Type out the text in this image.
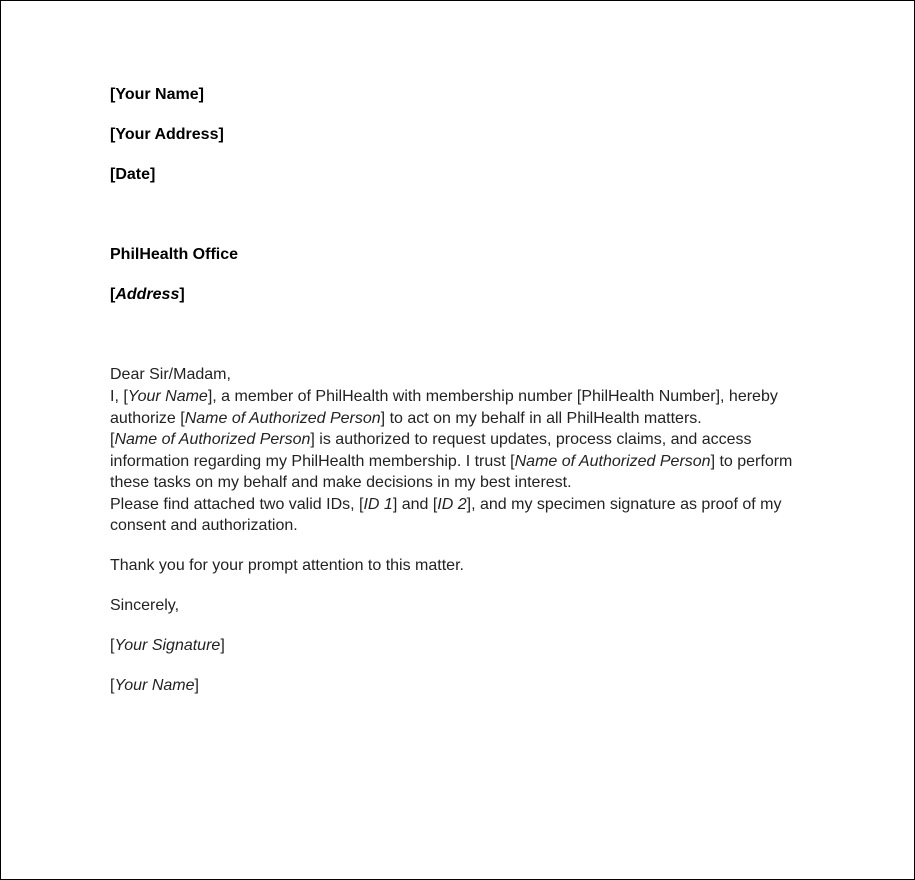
[Your Name]

[Your Address]

[Date]

PhilHealth Office

[Address]

Dear Sir/Madam,

I, [Your Name], a member of PhilHealth with membership number [PhilHealth Number], hereby authorize [Name of Authorized Person] to act on my behalf in all PhilHealth matters.

[Name of Authorized Person] is authorized to request updates, process claims, and access information regarding my PhilHealth membership. I trust [Name of Authorized Person] to perform these tasks on my behalf and make decisions in my best interest.

Please find attached two valid IDs, [ID 1] and [ID 2], and my specimen signature as proof of my consent and authorization.

Thank you for your prompt attention to this matter.

Sincerely,

[Your Signature]

[Your Name]
